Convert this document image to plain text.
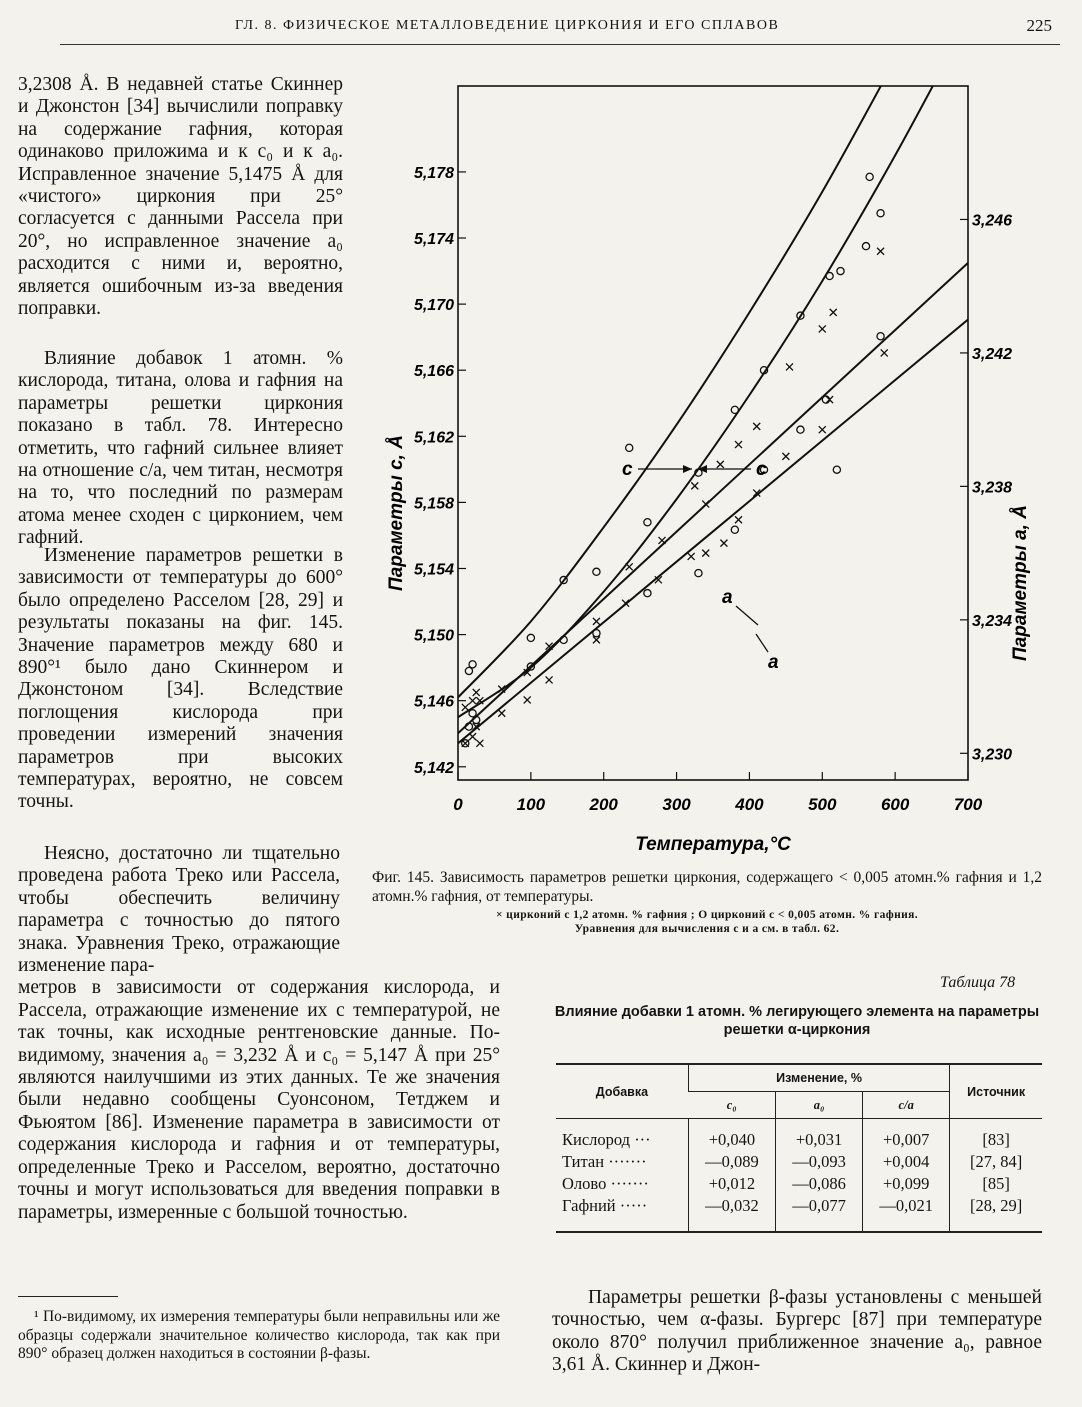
ГЛ. 8. ФИЗИЧЕСКОЕ МЕТАЛЛОВЕДЕНИЕ ЦИРКОНИЯ И ЕГО СПЛАВОВ	225

3,2308 Å. В недавней статье Скиннер и Джонстон [34] вычислили поправку на содержание гафния, которая одинаково приложима и к c₀ и к a₀. Исправленное значение 5,1475 Å для «чистого» циркония при 25° согласуется с данными Рассела при 20°, но исправленное значение a₀ расходится с ними и, вероятно, является ошибочным из-за введения поправки.

Влияние добавок 1 атомн. % кислорода, титана, олова и гафния на параметры решетки циркония показано в табл. 78. Интересно отметить, что гафний сильнее влияет на отношение c/a, чем титан, несмотря на то, что последний по размерам атома менее сходен с цирконием, чем гафний.

Изменение параметров решетки в зависимости от температуры до 600° было определено Расселом [28, 29] и результаты показаны на фиг. 145. Значение параметров между 680 и 890°¹ было дано Скиннером и Джонстоном [34]. Вследствие поглощения кислорода при проведении измерений значения параметров при высоких температурах, вероятно, не совсем точны.

Неясно, достаточно ли тщательно проведена работа Треко или Рассела, чтобы обеспечить величину параметра с точностью до пятого знака. Уравнения Треко, отражающие изменение пара-
метров в зависимости от содержания кислорода, и Рассела, отражающие изменение их с температурой, не так точны, как исходные рентгеновские данные. По-видимому, значения a₀ = 3,232 Å и c₀ = 5,147 Å при 25° являются наилучшими из этих данных. Те же значения были недавно сообщены Суонсоном, Тетджем и Фьюятом [86]. Изменение параметра в зависимости от содержания кислорода и гафния и от температуры, определенные Треко и Расселом, вероятно, достаточно точны и могут использоваться для введения поправки в параметры, измеренные с большой точностью.

¹ По-видимому, их измерения температуры были неправильны или же образцы содержали значительное количество кислорода, так как при 890° образец должен находиться в состоянии β-фазы.

0	100	200	300	400	500	600	700
5,142
5,146
5,150
5,154
5,158
5,162
5,166
5,170
5,174
5,178
3,230
3,234
3,238
3,242
3,246
Температура,°С
Параметры c, Å	Параметры a, Å
c	c
a
a

Фиг. 145. Зависимость параметров решетки циркония, содержащего < 0,005 атомн.% гафния и 1,2 атомн.% гафния, от температуры.

× цирконий с 1,2 атомн. % гафния ; О цирконий с < 0,005 атомн. % гафния.

Уравнения для вычисления c и a см. в табл. 62.

Таблица 78
Влияние добавки 1 атомн. % легирующего элемента на параметры решетки α-циркония
Добавка	Изменение, %			Источник
	c₀	a₀	c/a	
Кислород ···	+0,040	+0,031	+0,007	[83]
Титан ·······	—0,089	—0,093	+0,004	[27, 84]
Олово ·······	+0,012	—0,086	+0,099	[85]
Гафний ·····	—0,032	—0,077	—0,021	[28, 29]

Параметры решетки β-фазы установлены с меньшей точностью, чем α-фазы. Бургерс [87] при температуре около 870° получил приближенное значение a₀, равное 3,61 Å. Скиннер и Джон-
